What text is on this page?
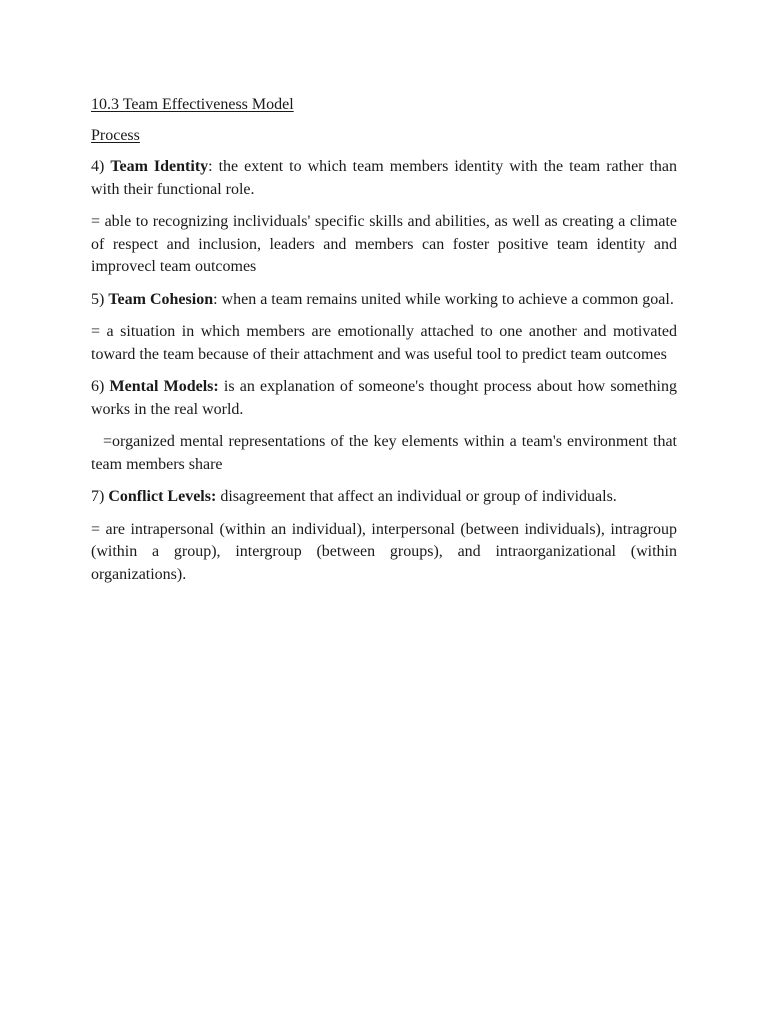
10.3 Team Effectiveness Model

Process

4) Team Identity: the extent to which team members identity with the team rather than with their functional role.

= able to recognizing inclividuals' specific skills and abilities, as well as creating a climate of respect and inclusion, leaders and members can foster positive team identity and improvecl team outcomes

5) Team Cohesion: when a team remains united while working to achieve a common goal.

= a situation in which members are emotionally attached to one another and motivated toward the team because of their attachment and was useful tool to predict team outcomes

6) Mental Models: is an explanation of someone's thought process about how something works in the real world.

=organized mental representations of the key elements within a team's environment that team members share

7) Conflict Levels: disagreement that affect an individual or group of individuals.

= are intrapersonal (within an individual), interpersonal (between individuals), intragroup (within a group), intergroup (between groups), and intraorganizational (within organizations).
